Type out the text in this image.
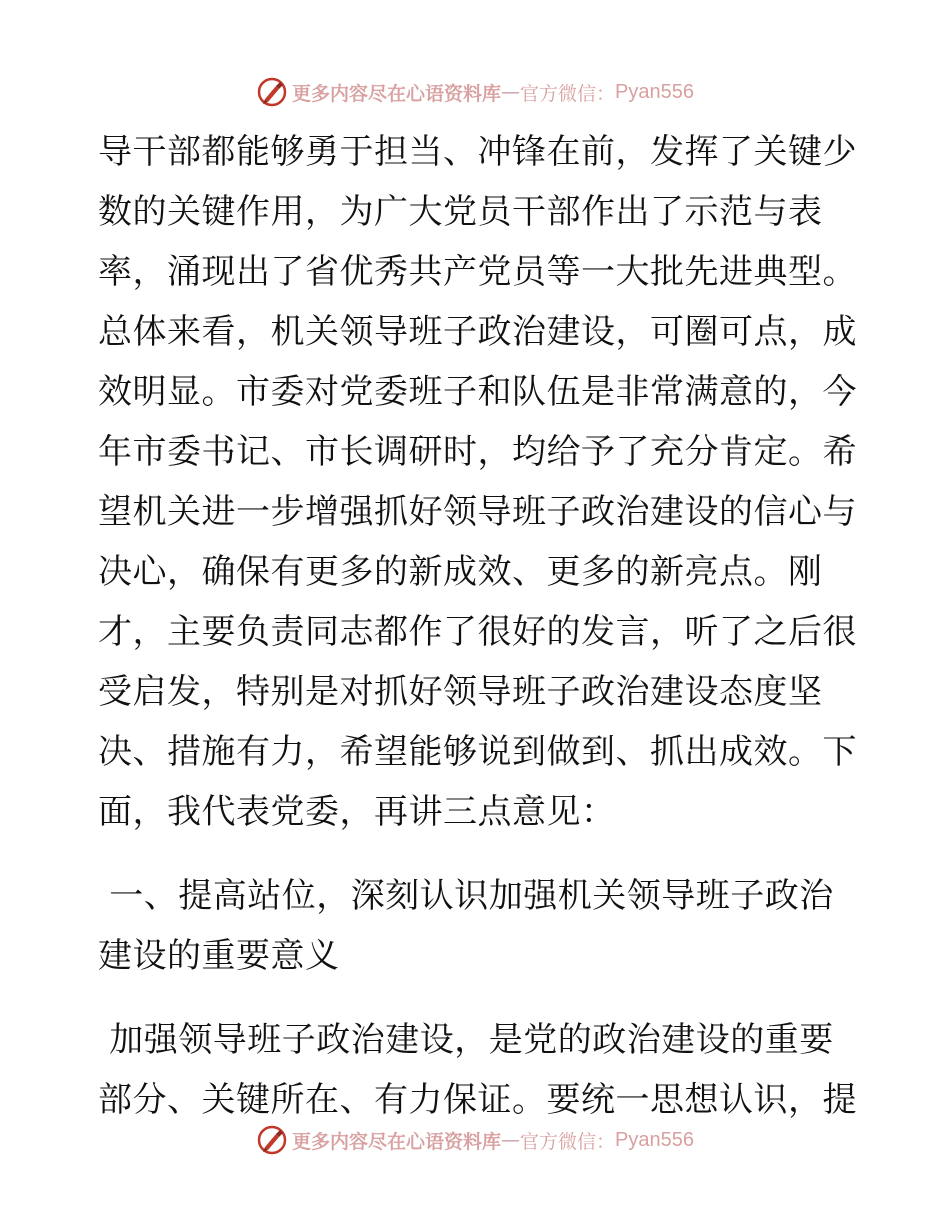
更多内容尽在心语资料库 — 官方微信： Pyan556
导干部都能够勇于担当、冲锋在前，发挥了关键少
数的关键作用，为广大党员干部作出了示范与表
率，涌现出了省优秀共产党员等一大批先进典型。
总体来看，机关领导班子政治建设，可圈可点，成
效明显。市委对党委班子和队伍是非常满意的，今
年市委书记、市长调研时，均给予了充分肯定。希
望机关进一步增强抓好领导班子政治建设的信心与
决心，确保有更多的新成效、更多的新亮点。刚
才，主要负责同志都作了很好的发言，听了之后很
受启发，特别是对抓好领导班子政治建设态度坚
决、措施有力，希望能够说到做到、抓出成效。下
面，我代表党委，再讲三点意见：
一、提高站位，深刻认识加强机关领导班子政治
建设的重要意义
加强领导班子政治建设，是党的政治建设的重要
部分、关键所在、有力保证。要统一思想认识，提
更多内容尽在心语资料库 — 官方微信： Pyan556
